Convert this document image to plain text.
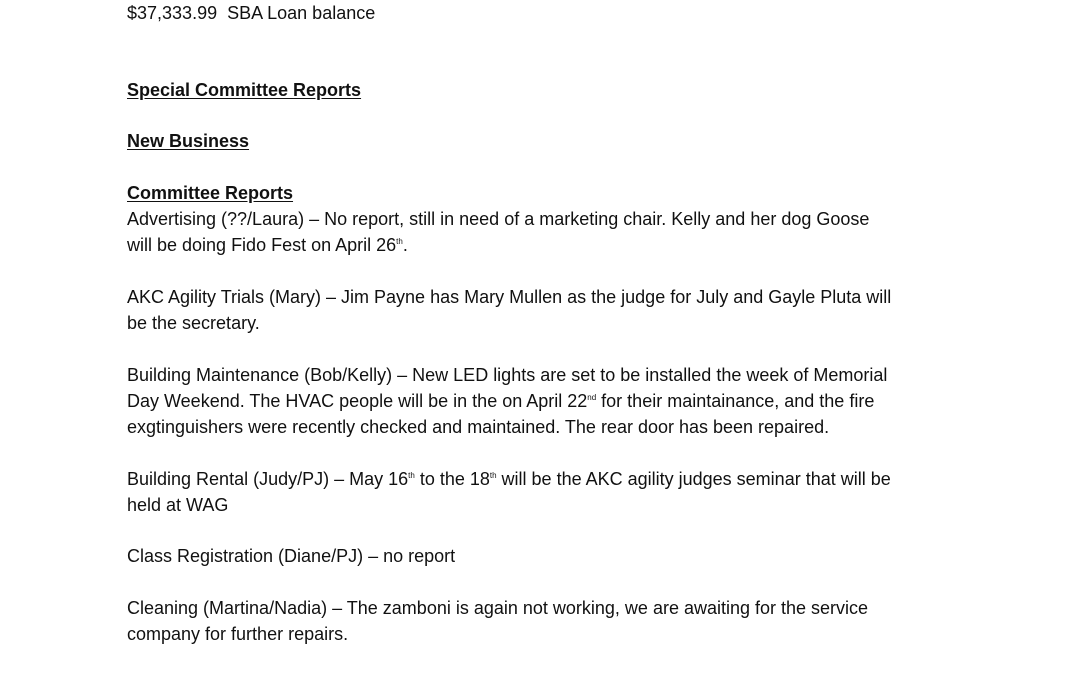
$37,333.99 SBA Loan balance
Special Committee Reports
New Business
Committee Reports
Advertising (??/Laura) – No report, still in need of a marketing chair. Kelly and her dog Goose
will be doing Fido Fest on April 26th.
AKC Agility Trials (Mary) – Jim Payne has Mary Mullen as the judge for July and Gayle Pluta will
be the secretary.
Building Maintenance (Bob/Kelly) – New LED lights are set to be installed the week of Memorial
Day Weekend. The HVAC people will be in the on April 22nd for their maintainance, and the fire
exgtinguishers were recently checked and maintained. The rear door has been repaired.
Building Rental (Judy/PJ) – May 16th to the 18th will be the AKC agility judges seminar that will be
held at WAG
Class Registration (Diane/PJ) – no report
Cleaning (Martina/Nadia) – The zamboni is again not working, we are awaiting for the service
company for further repairs.
